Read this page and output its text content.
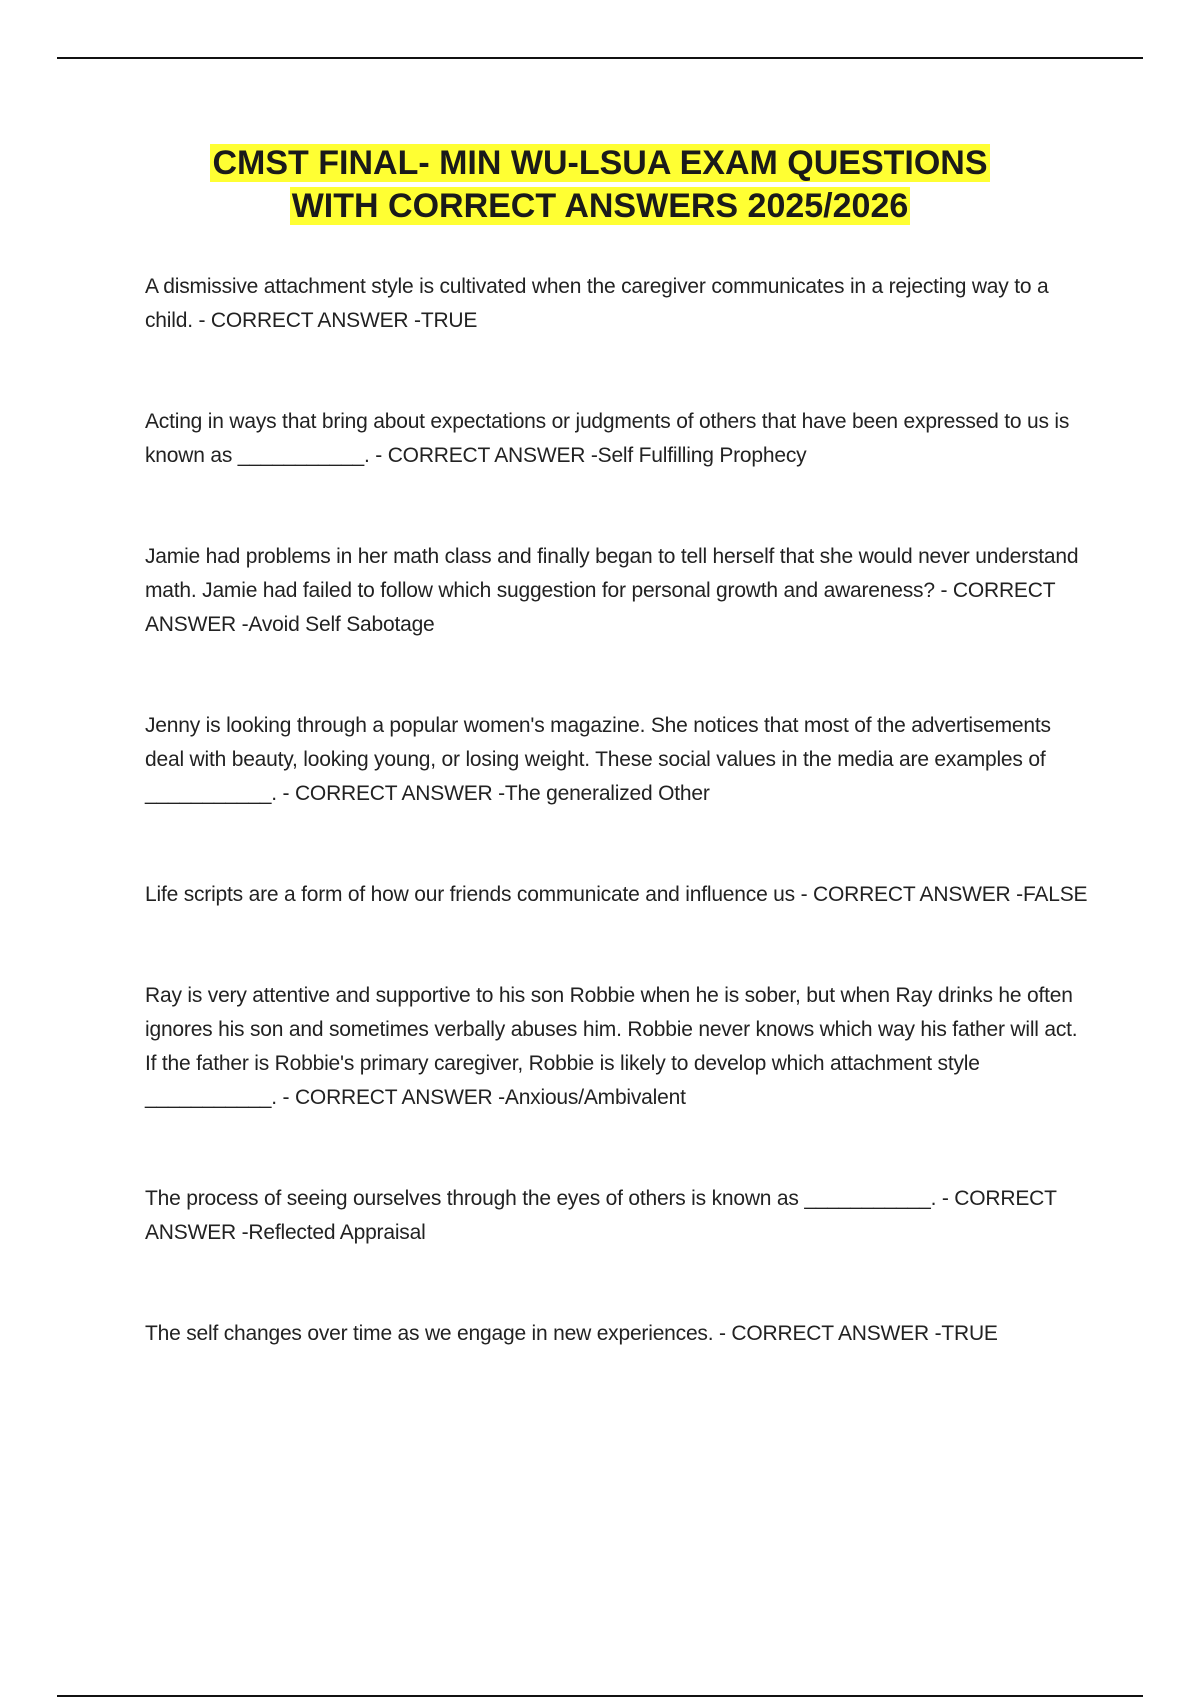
CMST FINAL- MIN WU-LSUA EXAM QUESTIONS
WITH CORRECT ANSWERS 2025/2026

A dismissive attachment style is cultivated when the caregiver communicates in a rejecting way to a child. - CORRECT ANSWER -TRUE

Acting in ways that bring about expectations or judgments of others that have been expressed to us is known as ___________. - CORRECT ANSWER -Self Fulfilling Prophecy

Jamie had problems in her math class and finally began to tell herself that she would never understand math. Jamie had failed to follow which suggestion for personal growth and awareness? - CORRECT ANSWER -Avoid Self Sabotage

Jenny is looking through a popular women's magazine. She notices that most of the advertisements deal with beauty, looking young, or losing weight. These social values in the media are examples of ___________. - CORRECT ANSWER -The generalized Other

Life scripts are a form of how our friends communicate and influence us - CORRECT ANSWER -FALSE

Ray is very attentive and supportive to his son Robbie when he is sober, but when Ray drinks he often ignores his son and sometimes verbally abuses him. Robbie never knows which way his father will act. If the father is Robbie's primary caregiver, Robbie is likely to develop which attachment style ___________. - CORRECT ANSWER -Anxious/Ambivalent

The process of seeing ourselves through the eyes of others is known as ___________. - CORRECT ANSWER -Reflected Appraisal

The self changes over time as we engage in new experiences. - CORRECT ANSWER -TRUE
